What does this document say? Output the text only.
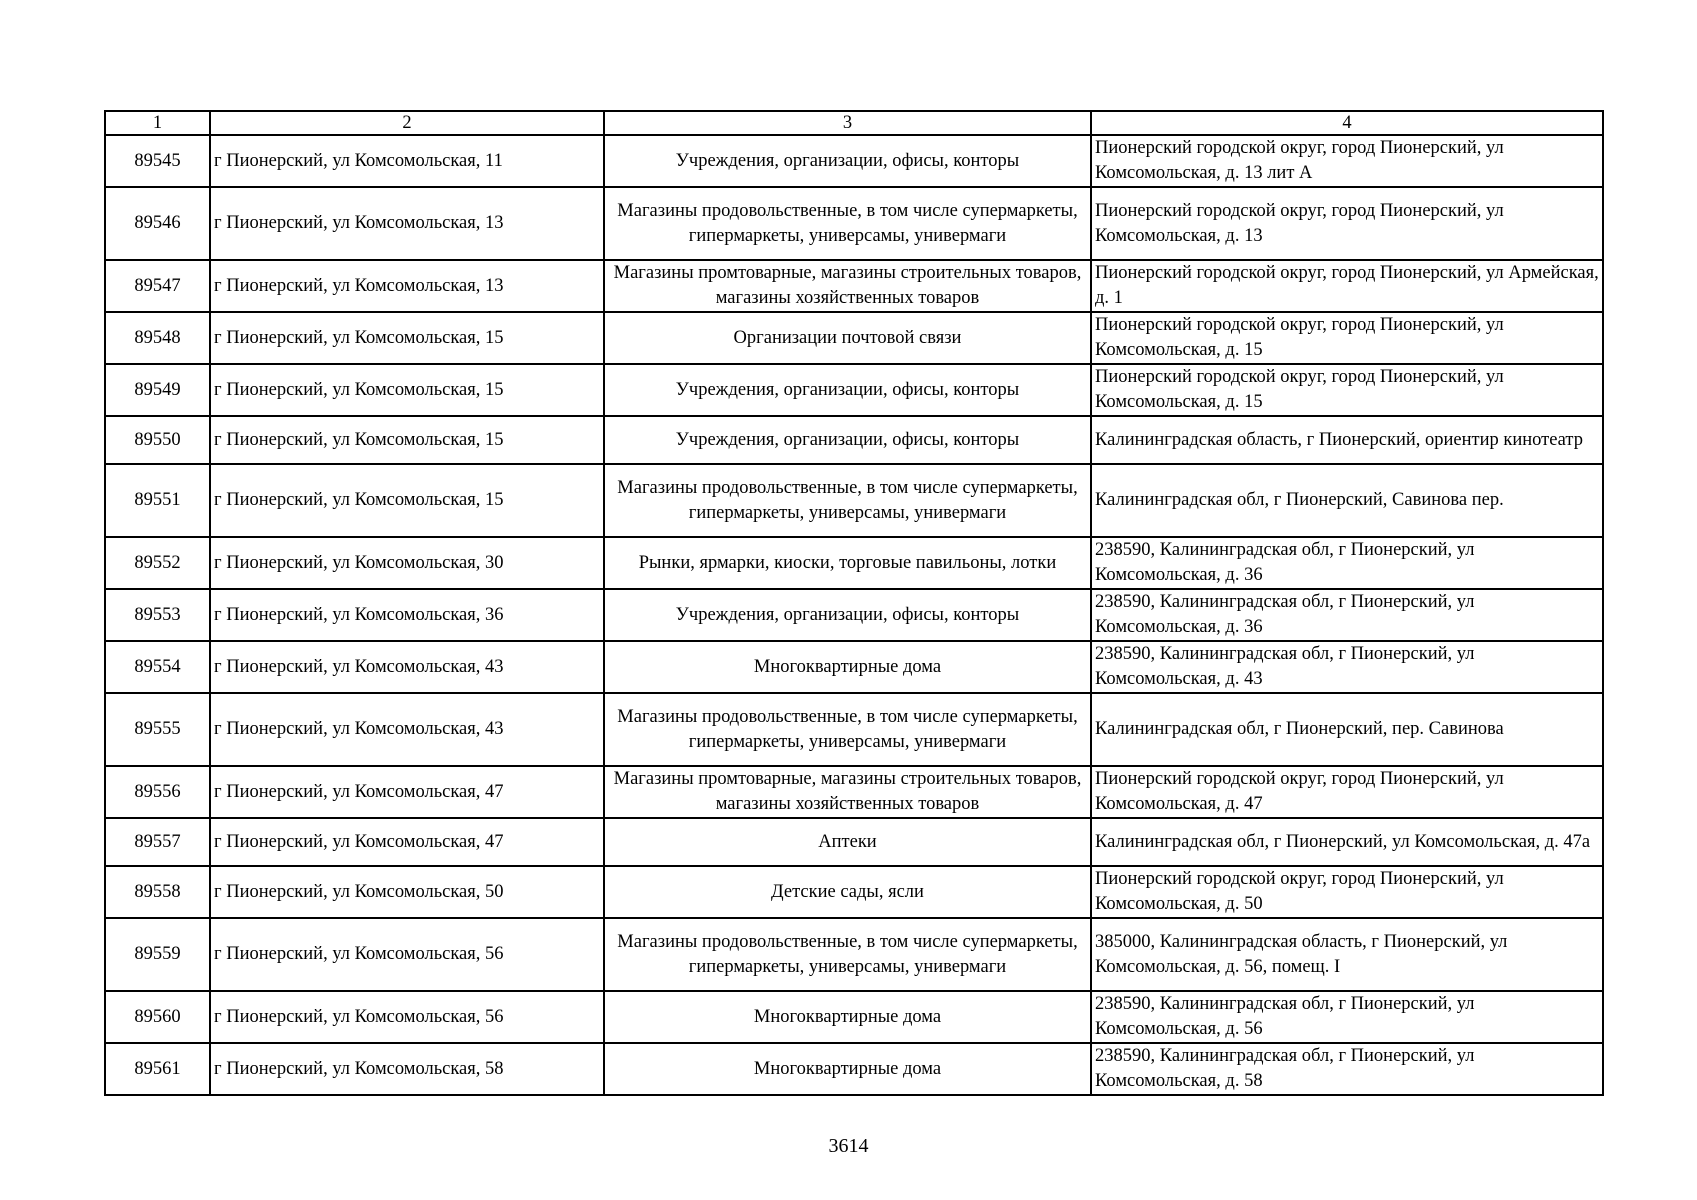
1	2	3	4
89545	г Пионерский, ул Комсомольская, 11	Учреждения, организации, офисы, конторы	Пионерский городской округ, город Пионерский, ул Комсомольская, д. 13 лит А
89546	г Пионерский, ул Комсомольская, 13	Магазины продовольственные, в том числе супермаркеты, гипермаркеты, универсамы, универмаги	Пионерский городской округ, город Пионерский, ул Комсомольская, д. 13
89547	г Пионерский, ул Комсомольская, 13	Магазины промтоварные, магазины строительных товаров, магазины хозяйственных товаров	Пионерский городской округ, город Пионерский, ул Армейская, д. 1
89548	г Пионерский, ул Комсомольская, 15	Организации почтовой связи	Пионерский городской округ, город Пионерский, ул Комсомольская, д. 15
89549	г Пионерский, ул Комсомольская, 15	Учреждения, организации, офисы, конторы	Пионерский городской округ, город Пионерский, ул Комсомольская, д. 15
89550	г Пионерский, ул Комсомольская, 15	Учреждения, организации, офисы, конторы	Калининградская область, г Пионерский, ориентир кинотеатр
89551	г Пионерский, ул Комсомольская, 15	Магазины продовольственные, в том числе супермаркеты, гипермаркеты, универсамы, универмаги	Калининградская обл, г Пионерский, Савинова пер.
89552	г Пионерский, ул Комсомольская, 30	Рынки, ярмарки, киоски, торговые павильоны, лотки	238590, Калининградская обл, г Пионерский, ул Комсомольская, д. 36
89553	г Пионерский, ул Комсомольская, 36	Учреждения, организации, офисы, конторы	238590, Калининградская обл, г Пионерский, ул Комсомольская, д. 36
89554	г Пионерский, ул Комсомольская, 43	Многоквартирные дома	238590, Калининградская обл, г Пионерский, ул Комсомольская, д. 43
89555	г Пионерский, ул Комсомольская, 43	Магазины продовольственные, в том числе супермаркеты, гипермаркеты, универсамы, универмаги	Калининградская обл, г Пионерский, пер. Савинова
89556	г Пионерский, ул Комсомольская, 47	Магазины промтоварные, магазины строительных товаров, магазины хозяйственных товаров	Пионерский городской округ, город Пионерский, ул Комсомольская, д. 47
89557	г Пионерский, ул Комсомольская, 47	Аптеки	Калининградская обл, г Пионерский, ул Комсомольская, д. 47а
89558	г Пионерский, ул Комсомольская, 50	Детские сады, ясли	Пионерский городской округ, город Пионерский, ул Комсомольская, д. 50
89559	г Пионерский, ул Комсомольская, 56	Магазины продовольственные, в том числе супермаркеты, гипермаркеты, универсамы, универмаги	385000, Калининградская область, г Пионерский, ул Комсомольская, д. 56, помещ. I
89560	г Пионерский, ул Комсомольская, 56	Многоквартирные дома	238590, Калининградская обл, г Пионерский, ул Комсомольская, д. 56
89561	г Пионерский, ул Комсомольская, 58	Многоквартирные дома	238590, Калининградская обл, г Пионерский, ул Комсомольская, д. 58
3614
